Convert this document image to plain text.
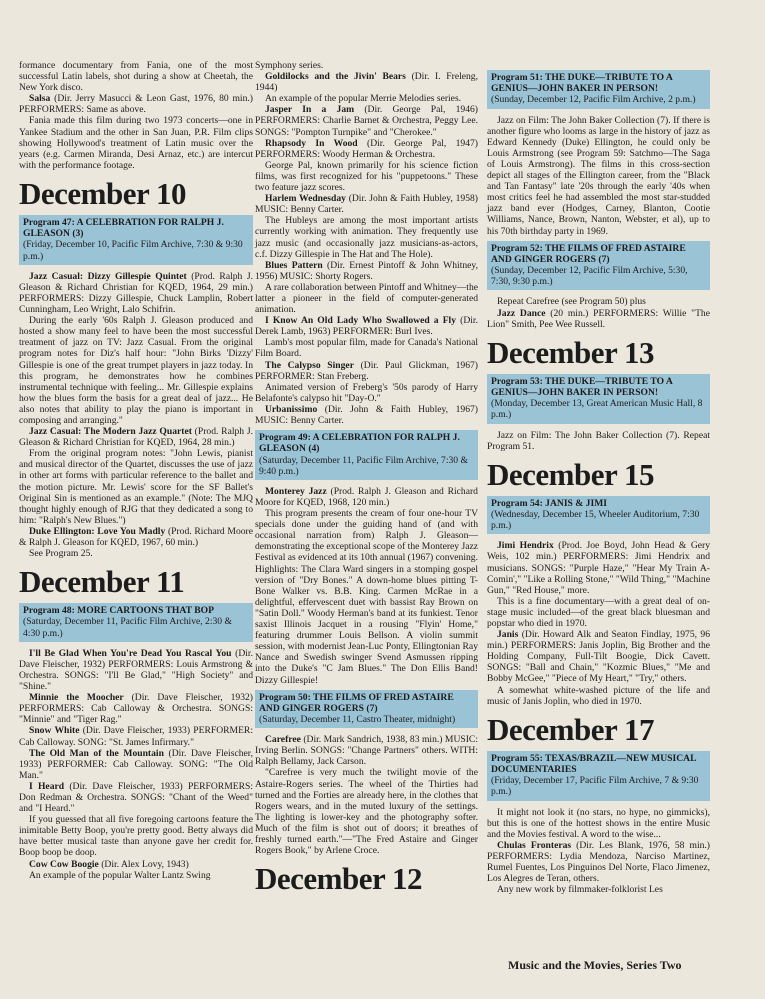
formance documentary from Fania, one of the most successful Latin labels, shot during a show at Cheetah, the New York disco.

Salsa (Dir. Jerry Masucci & Leon Gast, 1976, 80 min.) PERFORMERS: Same as above.

Fania made this film during two 1973 concerts—one in Yankee Stadium and the other in San Juan, P.R. Film clips showing Hollywood's treatment of Latin music over the years (e.g. Carmen Miranda, Desi Arnaz, etc.) are intercut with the performance footage.

December 10
Program 47: A CELEBRATION FOR RALPH J. GLEASON (3)
(Friday, December 10, Pacific Film Archive, 7:30 & 9:30 p.m.)

Jazz Casual: Dizzy Gillespie Quintet (Prod. Ralph J. Gleason & Richard Christian for KQED, 1964, 29 min.) PERFORMERS: Dizzy Gillespie, Chuck Lamplin, Robert Cunningham, Leo Wright, Lalo Schifrin.

During the early '60s Ralph J. Gleason produced and hosted a show many feel to have been the most successful treatment of jazz on TV: Jazz Casual. From the original program notes for Diz's half hour: "John Birks 'Dizzy' Gillespie is one of the great trumpet players in jazz today. In this program, he demonstrates how he combines instrumental technique with feeling... Mr. Gillespie explains how the blues form the basis for a great deal of jazz... He also notes that ability to play the piano is important in composing and arranging."

Jazz Casual: The Modern Jazz Quartet (Prod. Ralph J. Gleason & Richard Christian for KQED, 1964, 28 min.)

From the original program notes: "John Lewis, pianist and musical director of the Quartet, discusses the use of jazz in other art forms with particular reference to the ballet and the motion picture. Mr. Lewis' score for the SF Ballet's Original Sin is mentioned as an example." (Note: The MJQ thought highly enough of RJG that they dedicated a song to him: "Ralph's New Blues.")

Duke Ellington: Love You Madly (Prod. Richard Moore & Ralph J. Gleason for KQED, 1967, 60 min.)

See Program 25.

December 11
Program 48: MORE CARTOONS THAT BOP
(Saturday, December 11, Pacific Film Archive, 2:30 & 4:30 p.m.)

I'll Be Glad When You're Dead You Rascal You (Dir. Dave Fleischer, 1932) PERFORMERS: Louis Armstrong & Orchestra. SONGS: "I'll Be Glad," "High Society" and "Shine."

Minnie the Moocher (Dir. Dave Fleischer, 1932) PERFORMERS: Cab Calloway & Orchestra. SONGS: "Minnie" and "Tiger Rag."

Snow White (Dir. Dave Fleischer, 1933) PERFORMER: Cab Calloway. SONG: "St. James Infirmary."

The Old Man of the Mountain (Dir. Dave Fleischer, 1933) PERFORMER: Cab Calloway. SONG: "The Old Man."

I Heard (Dir. Dave Fleischer, 1933) PERFORMERS: Don Redman & Orchestra. SONGS: "Chant of the Weed" and "I Heard."

If you guessed that all five foregoing cartoons feature the inimitable Betty Boop, you're pretty good. Betty always did have better musical taste than anyone gave her credit for. Boop boop be doop.

Cow Cow Boogie (Dir. Alex Lovy, 1943)

An example of the popular Walter Lantz Swing

Symphony series.

Goldilocks and the Jivin' Bears (Dir. I. Freleng, 1944)

An example of the popular Merrie Melodies series.

Jasper In a Jam (Dir. George Pal, 1946) PERFORMERS: Charlie Barnet & Orchestra, Peggy Lee. SONGS: "Pompton Turnpike" and "Cherokee."

Rhapsody In Wood (Dir. George Pal, 1947) PERFORMERS: Woody Herman & Orchestra.

George Pal, known primarily for his science fiction films, was first recognized for his "puppetoons." These two feature jazz scores.

Harlem Wednesday (Dir. John & Faith Hubley, 1958) MUSIC: Benny Carter.

The Hubleys are among the most important artists currently working with animation. They frequently use jazz music (and occasionally jazz musicians-as-actors, c.f. Dizzy Gillespie in The Hat and The Hole).

Blues Pattern (Dir. Ernest Pintoff & John Whitney, 1956) MUSIC: Shorty Rogers.

A rare collaboration between Pintoff and Whitney—the latter a pioneer in the field of computer-generated animation.

I Know An Old Lady Who Swallowed a Fly (Dir. Derek Lamb, 1963) PERFORMER: Burl Ives.

Lamb's most popular film, made for Canada's National Film Board.

The Calypso Singer (Dir. Paul Glickman, 1967) PERFORMER: Stan Freberg.

Animated version of Freberg's '50s parody of Harry Belafonte's calypso hit "Day-O."

Urbanissimo (Dir. John & Faith Hubley, 1967) MUSIC: Benny Carter.

Program 49: A CELEBRATION FOR RALPH J. GLEASON (4)
(Saturday, December 11, Pacific Film Archive, 7:30 & 9:40 p.m.)

Monterey Jazz (Prod. Ralph J. Gleason and Richard Moore for KQED, 1968, 120 min.)

This program presents the cream of four one-hour TV specials done under the guiding hand of (and with occasional narration from) Ralph J. Gleason—demonstrating the exceptional scope of the Monterey Jazz Festival as evidenced at its 10th annual (1967) convening. Highlights: The Clara Ward singers in a stomping gospel version of "Dry Bones." A down-home blues pitting T-Bone Walker vs. B.B. King. Carmen McRae in a delightful, effervescent duet with bassist Ray Brown on "Satin Doll." Woody Herman's band at its funkiest. Tenor saxist Illinois Jacquet in a rousing "Flyin' Home," featuring drummer Louis Bellson. A violin summit session, with modernist Jean-Luc Ponty, Ellingtonian Ray Nance and Swedish swinger Svend Asmussen ripping into the Duke's "C Jam Blues." The Don Ellis Band! Dizzy Gillespie!

Program 50: THE FILMS OF FRED ASTAIRE AND GINGER ROGERS (7)
(Saturday, December 11, Castro Theater, midnight)

Carefree (Dir. Mark Sandrich, 1938, 83 min.) MUSIC: Irving Berlin. SONGS: "Change Partners" others. WITH: Ralph Bellamy, Jack Carson.

"Carefree is very much the twilight movie of the Astaire-Rogers series. The wheel of the Thirties had turned and the Forties are already here, in the clothes that Rogers wears, and in the muted luxury of the settings. The lighting is lower-key and the photography softer. Much of the film is shot out of doors; it breathes of freshly turned earth."—"The Fred Astaire and Ginger Rogers Book," by Arlene Croce.

December 12
Program 51: THE DUKE—TRIBUTE TO A GENIUS—JOHN BAKER IN PERSON!
(Sunday, December 12, Pacific Film Archive, 2 p.m.)

Jazz on Film: The John Baker Collection (7). If there is another figure who looms as large in the history of jazz as Edward Kennedy (Duke) Ellington, he could only be Louis Armstrong (see Program 59: Satchmo—The Saga of Louis Armstrong). The films in this cross-section depict all stages of the Ellington career, from the "Black and Tan Fantasy" late '20s through the early '40s when most critics feel he had assembled the most star-studded jazz band ever (Hodges, Carney, Blanton, Cootie Williams, Nance, Brown, Nanton, Webster, et al), up to his 70th birthday party in 1969.

Program 52: THE FILMS OF FRED ASTAIRE AND GINGER ROGERS (7)
(Sunday, December 12, Pacific Film Archive, 5:30, 7:30, 9:30 p.m.)

Repeat Carefree (see Program 50) plus

Jazz Dance (20 min.) PERFORMERS: Willie "The Lion" Smith, Pee Wee Russell.

December 13
Program 53: THE DUKE—TRIBUTE TO A GENIUS—JOHN BAKER IN PERSON!
(Monday, December 13, Great American Music Hall, 8 p.m.)

Jazz on Film: The John Baker Collection (7). Repeat Program 51.

December 15
Program 54: JANIS & JIMI
(Wednesday, December 15, Wheeler Auditorium, 7:30 p.m.)

Jimi Hendrix (Prod. Joe Boyd, John Head & Gery Weis, 102 min.) PERFORMERS: Jimi Hendrix and musicians. SONGS: "Purple Haze," "Hear My Train A-Comin'," "Like a Rolling Stone," "Wild Thing," "Machine Gun," "Red House," more.

This is a fine documentary—with a great deal of on-stage music included—of the great black bluesman and popstar who died in 1970.

Janis (Dir. Howard Alk and Seaton Findlay, 1975, 96 min.) PERFORMERS: Janis Joplin, Big Brother and the Holding Company, Full-Tilt Boogie, Dick Cavett. SONGS: "Ball and Chain," "Kozmic Blues," "Me and Bobby McGee," "Piece of My Heart," "Try," others.

A somewhat white-washed picture of the life and music of Janis Joplin, who died in 1970.

December 17
Program 55: TEXAS/BRAZIL—NEW MUSICAL DOCUMENTARIES
(Friday, December 17, Pacific Film Archive, 7 & 9:30 p.m.)

It might not look it (no stars, no hype, no gimmicks), but this is one of the hottest shows in the entire Music and the Movies festival. A word to the wise...

Chulas Fronteras (Dir. Les Blank, 1976, 58 min.) PERFORMERS: Lydia Mendoza, Narciso Martinez, Rumel Fuentes, Los Pinguinos Del Norte, Flaco Jimenez, Los Alegres de Teran, others.

Any new work by filmmaker-folklorist Les

Music and the Movies, Series Two
